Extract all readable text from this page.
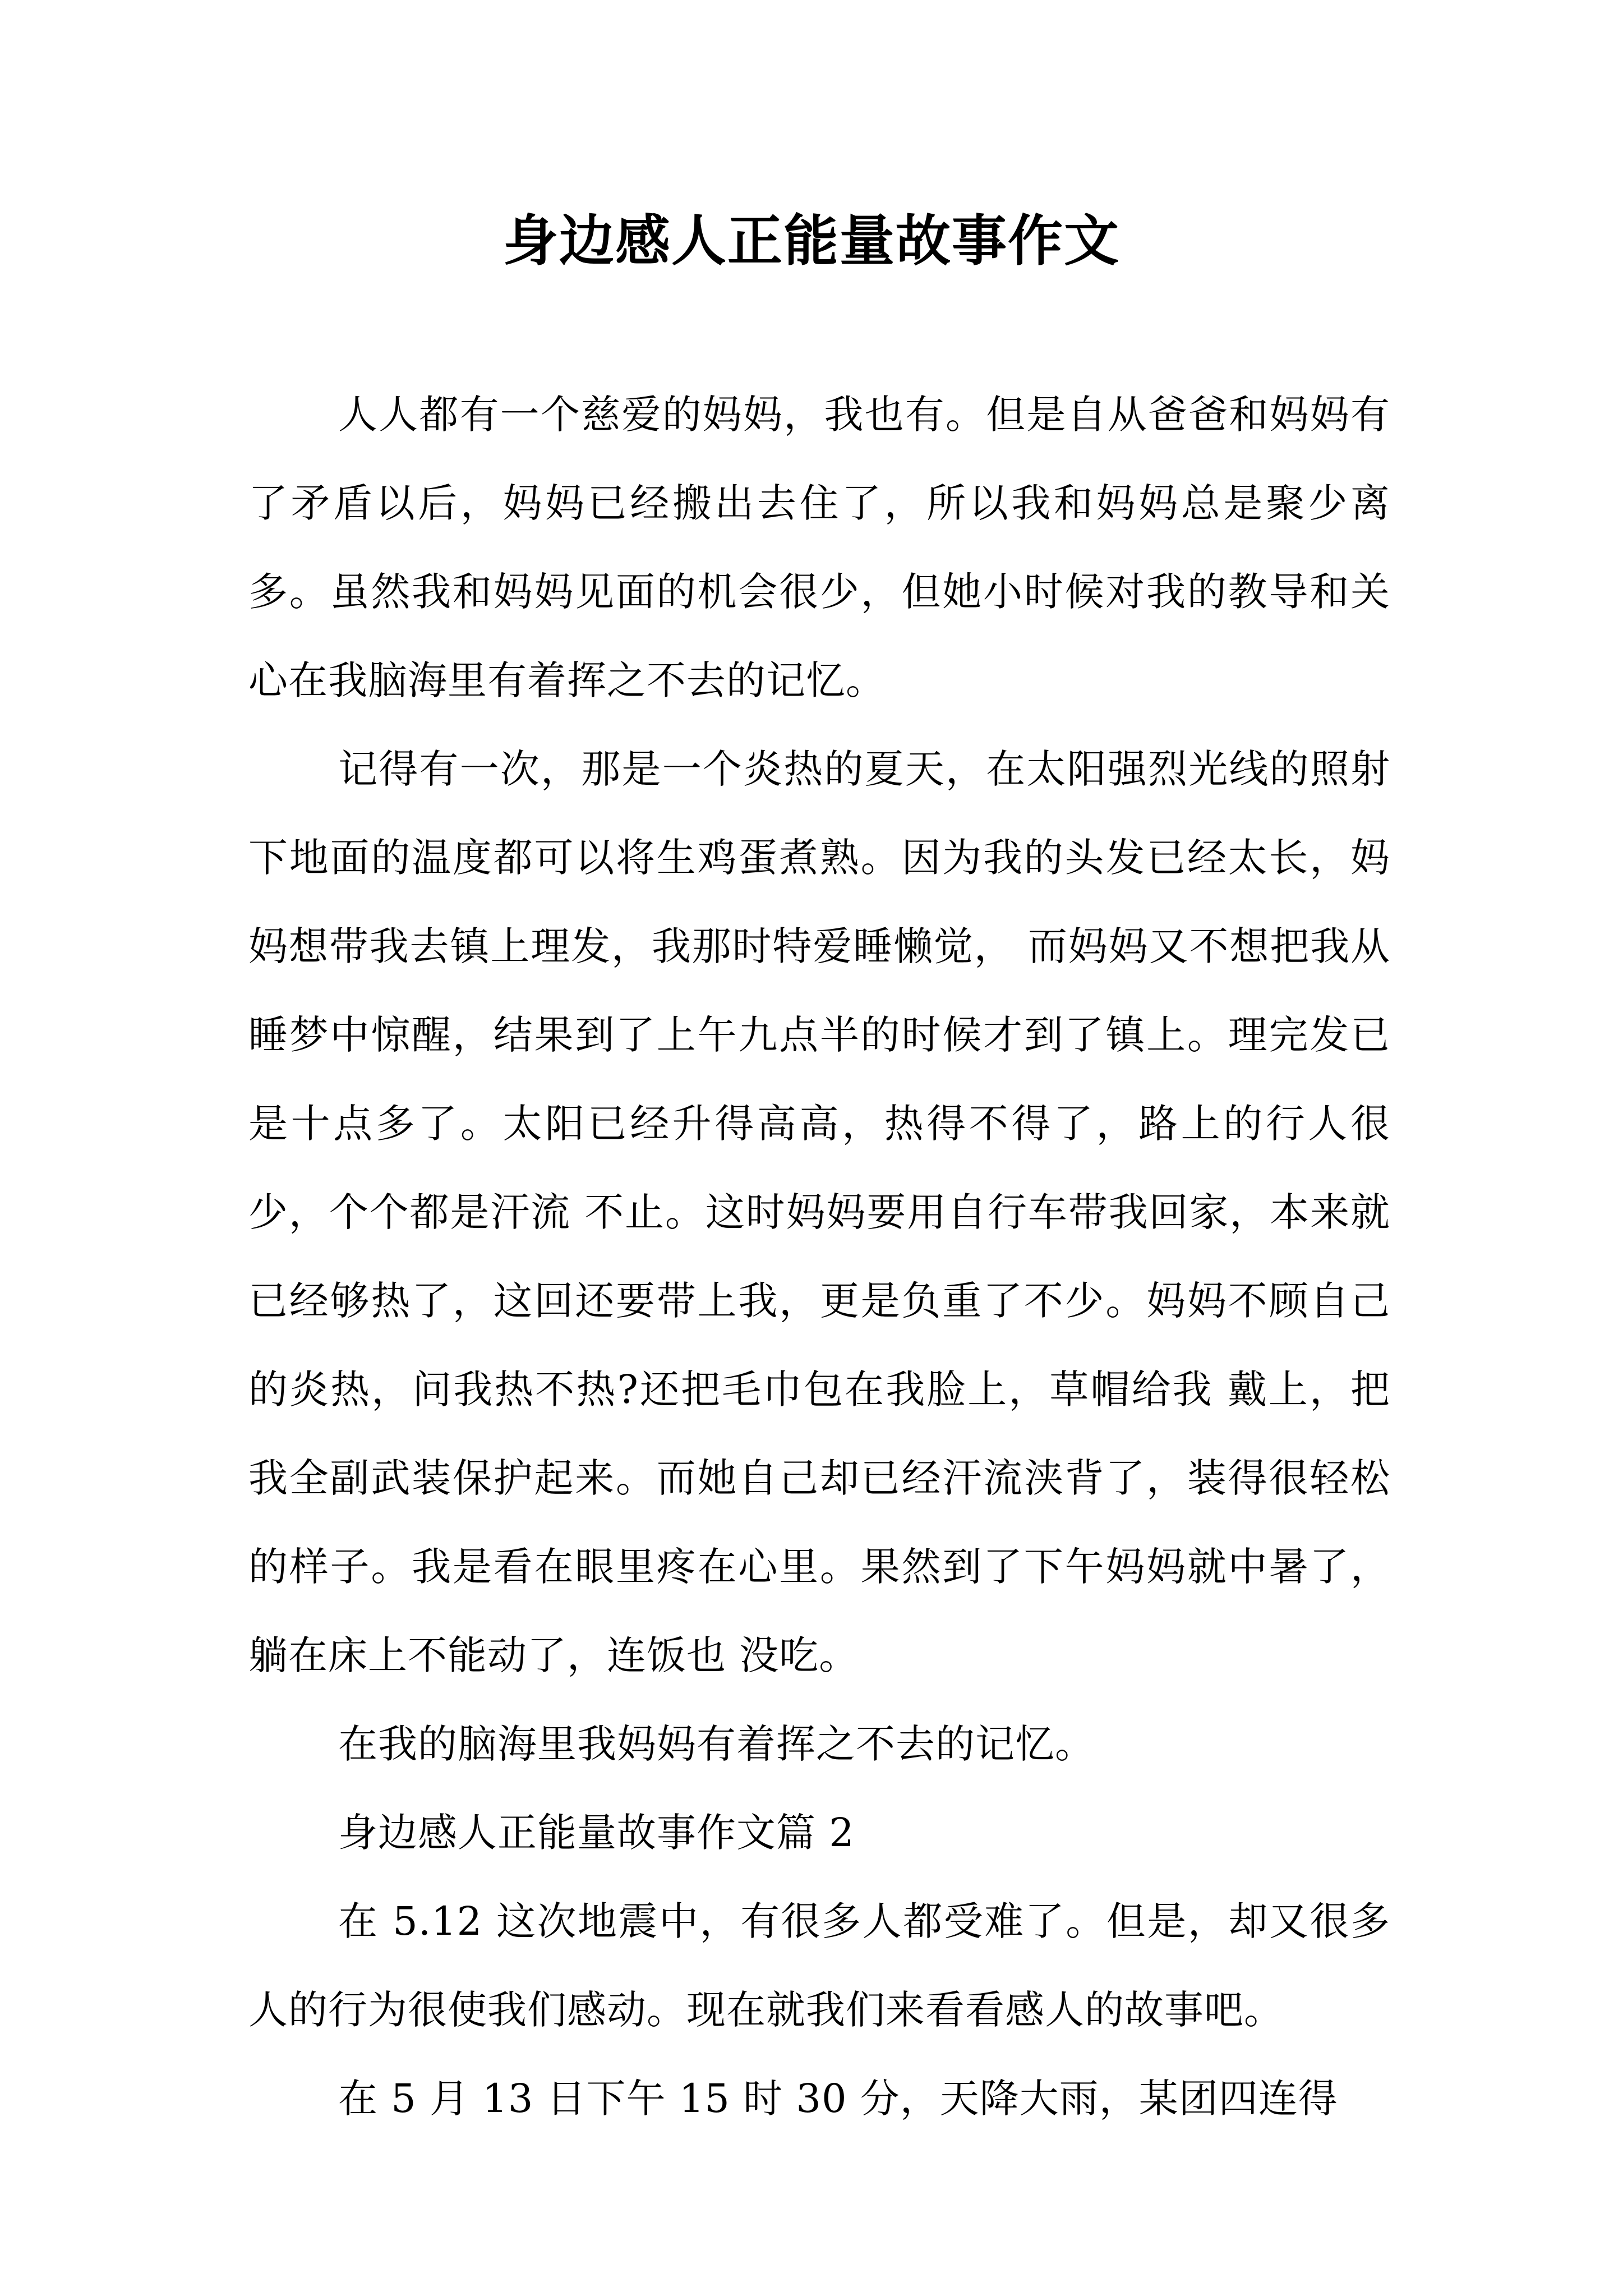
身边感人正能量故事作文

人人都有一个慈爱的妈妈，我也有。但是自从爸爸和妈妈有了矛盾以后，妈妈已经搬出去住了，所以我和妈妈总是聚少离多。虽然我和妈妈见面的机会很少，但她小时候对我的教导和关心在我脑海里有着挥之不去的记忆。

记得有一次，那是一个炎热的夏天，在太阳强烈光线的照射下地面的温度都可以将生鸡蛋煮熟。因为我的头发已经太长，妈妈想带我去镇上理发，我那时特爱睡懒觉， 而妈妈又不想把我从睡梦中惊醒，结果到了上午九点半的时候才到了镇上。理完发已是十点多了。太阳已经升得高高，热得不得了，路上的行人很少，个个都是汗流 不止。这时妈妈要用自行车带我回家，本来就已经够热了，这回还要带上我，更是负重了不少。妈妈不顾自己的炎热，问我热不热?还把毛巾包在我脸上，草帽给我 戴上，把我全副武装保护起来。而她自己却已经汗流浃背了，装得很轻松的样子。我是看在眼里疼在心里。果然到了下午妈妈就中暑了，躺在床上不能动了，连饭也 没吃。

在我的脑海里我妈妈有着挥之不去的记忆。

身边感人正能量故事作文篇 2

在 5.12 这次地震中，有很多人都受难了。但是，却又很多人的行为很使我们感动。现在就我们来看看感人的故事吧。

在 5 月 13 日下午 15 时 30 分，天降大雨，某团四连得
